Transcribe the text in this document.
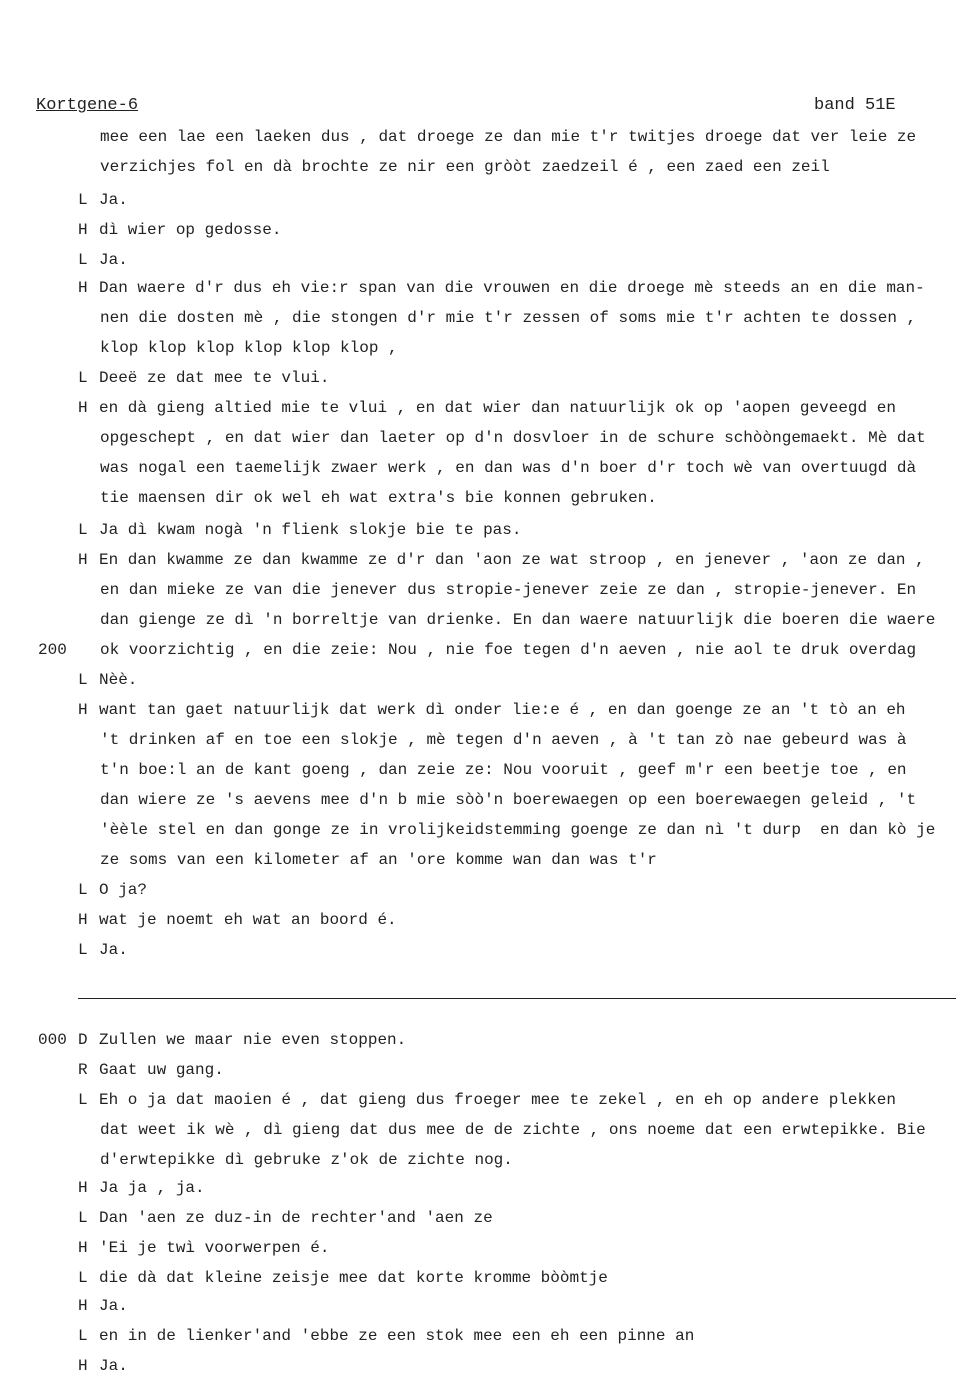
Kortgene-6	band 51E
mee een lae een laeken dus , dat droege ze dan mie t'r twitjes droege dat ver leie ze
verzichjes fol en dà brochte ze nir een gròòt zaedzeil é , een zaed een zeil
L Ja.
H dì wier op gedosse.
L Ja.
H Dan waere d'r dus eh vie:r span van die vrouwen en die droege mè steeds an en die man-
nen die dosten mè , die stongen d'r mie t'r zessen of soms mie t'r achten te dossen ,
klop klop klop klop klop klop ,
L Deeë ze dat mee te vlui.
H en dà gieng altied mie te vlui , en dat wier dan natuurlijk ok op 'aopen geveegd en
opgeschept , en dat wier dan laeter op d'n dosvloer in de schure schòòngemaekt. Mè dat
was nogal een taemelijk zwaer werk , en dan was d'n boer d'r toch wè van overtuugd dà
tie maensen dir ok wel eh wat extra's bie konnen gebruken.
L Ja dì kwam nogà 'n flienk slokje bie te pas.
H En dan kwamme ze dan kwamme ze d'r dan 'aon ze wat stroop , en jenever , 'aon ze dan ,
en dan mieke ze van die jenever dus stropie-jenever zeie ze dan , stropie-jenever. En
dan gienge ze dì 'n borreltje van drienke. En dan waere natuurlijk die boeren die waere
200 ok voorzichtig , en die zeie: Nou , nie foe tegen d'n aeven , nie aol te druk overdag
L Nèè.
H want tan gaet natuurlijk dat werk dì onder lie:e é , en dan goenge ze an 't tò an eh
't drinken af en toe een slokje , mè tegen d'n aeven , à 't tan zò nae gebeurd was à
t'n boe:l an de kant goeng , dan zeie ze: Nou vooruit , geef m'r een beetje toe , en
dan wiere ze 's aevens mee d'n b mie sòò'n boerewaegen op een boerewaegen geleid , 't
'èèle stel en dan gonge ze in vrolijkeidstemming goenge ze dan nì 't durp  en dan kò je
ze soms van een kilometer af an 'ore komme wan dan was t'r
L O ja?
H wat je noemt eh wat an boord é.
L Ja.
000 D Zullen we maar nie even stoppen.
R Gaat uw gang.
L Eh o ja dat maoien é , dat gieng dus froeger mee te zekel , en eh op andere plekken
dat weet ik wè , dì gieng dat dus mee de de zichte , ons noeme dat een erwtepikke. Bie
d'erwtepikke dì gebruke z'ok de zichte nog.
H Ja ja , ja.
L Dan 'aen ze duz-in de rechter'and 'aen ze
H 'Ei je twì voorwerpen é.
L die dà dat kleine zeisje mee dat korte kromme bòòmtje
H Ja.
L en in de lienker'and 'ebbe ze een stok mee een eh een pinne an
H Ja.
